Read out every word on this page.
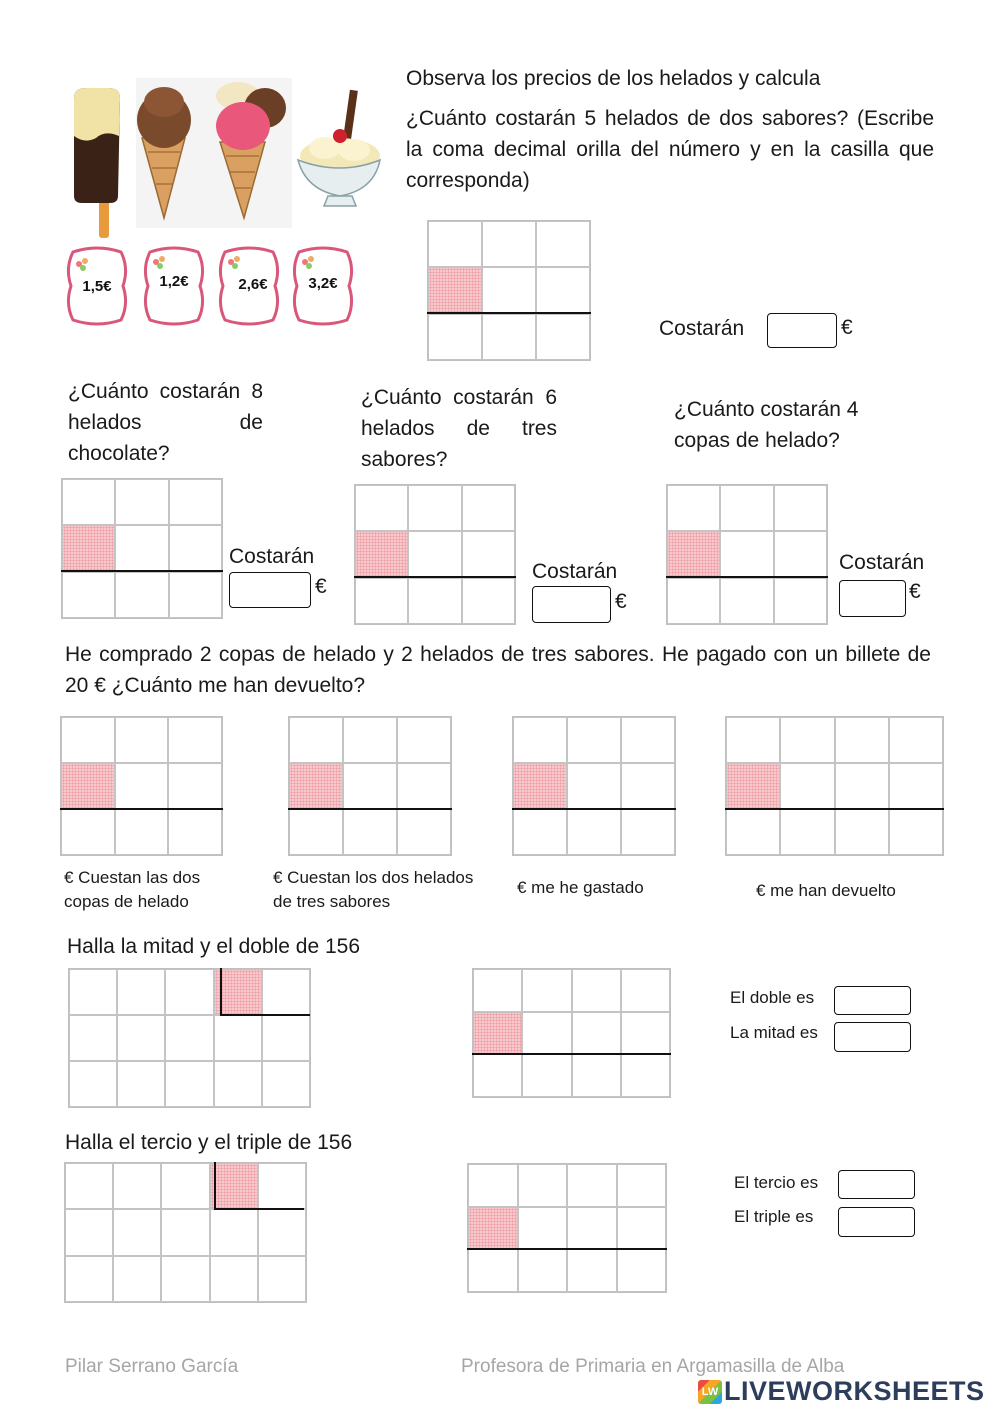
1,5€	1,2€	2,6€	3,2€
Observa los precios de los helados y calcula
¿Cuánto costarán 5 helados de dos sabores? (Escribe la coma decimal orilla del número y en la casilla que corresponda)
Costarán	€
¿Cuánto costarán 8 helados de chocolate?
¿Cuánto costarán 6 helados de tres sabores?
¿Cuánto costarán 4 copas de helado?
Costarán
€
Costarán
€
Costarán
€
He comprado 2 copas de helado y 2 helados de tres sabores. He pagado con un billete de 20 € ¿Cuánto me han devuelto?
€ Cuestan las dos copas de helado
€ Cuestan los dos helados de tres sabores
€ me he gastado	€ me han devuelto
Halla la mitad y el doble de 156
El doble es
La mitad es
Halla el tercio y el triple de 156
El tercio es
El triple es
Pilar Serrano García	Profesora de Primaria en Argamasilla de Alba
LW LIVEWORKSHEETS
